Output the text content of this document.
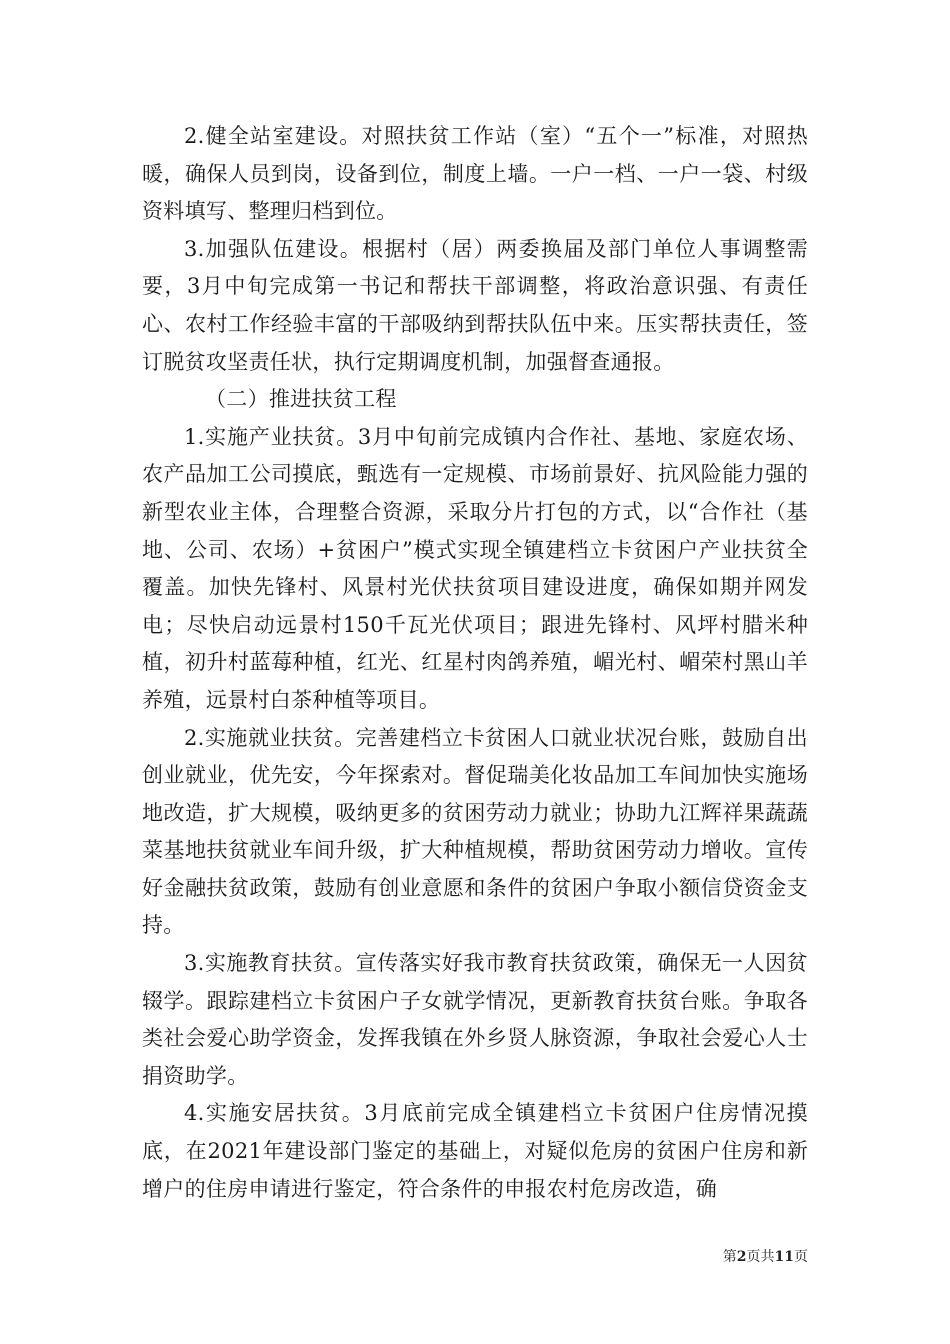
2.健全站室建设。对照扶贫工作站（室）“五个一”标准，对照热暖，确保人员到岗，设备到位，制度上墙。一户一档、一户一袋、村级资料填写、整理归档到位。

3.加强队伍建设。根据村（居）两委换届及部门单位人事调整需要，3月中旬完成第一书记和帮扶干部调整，将政治意识强、有责任心、农村工作经验丰富的干部吸纳到帮扶队伍中来。压实帮扶责任，签订脱贫攻坚责任状，执行定期调度机制，加强督查通报。

（二）推进扶贫工程

1.实施产业扶贫。3月中旬前完成镇内合作社、基地、家庭农场、农产品加工公司摸底，甄选有一定规模、市场前景好、抗风险能力强的新型农业主体，合理整合资源，采取分片打包的方式，以“合作社（基地、公司、农场）+贫困户”模式实现全镇建档立卡贫困户产业扶贫全覆盖。加快先锋村、风景村光伏扶贫项目建设进度，确保如期并网发电；尽快启动远景村150千瓦光伏项目；跟进先锋村、风坪村腊米种植，初升村蓝莓种植，红光、红星村肉鸽养殖，嵋光村、嵋荣村黑山羊养殖，远景村白茶种植等项目。

2.实施就业扶贫。完善建档立卡贫困人口就业状况台账，鼓励自出创业就业，优先安，今年探索对。督促瑞美化妆品加工车间加快实施场地改造，扩大规模，吸纳更多的贫困劳动力就业；协助九江辉祥果蔬蔬菜基地扶贫就业车间升级，扩大种植规模，帮助贫困劳动力增收。宣传好金融扶贫政策，鼓励有创业意愿和条件的贫困户争取小额信贷资金支持。

3.实施教育扶贫。宣传落实好我市教育扶贫政策，确保无一人因贫辍学。跟踪建档立卡贫困户子女就学情况，更新教育扶贫台账。争取各类社会爱心助学资金，发挥我镇在外乡贤人脉资源，争取社会爱心人士捐资助学。

4.实施安居扶贫。3月底前完成全镇建档立卡贫困户住房情况摸底，在2021年建设部门鉴定的基础上，对疑似危房的贫困户住房和新增户的住房申请进行鉴定，符合条件的申报农村危房改造，确

第2页共11页
